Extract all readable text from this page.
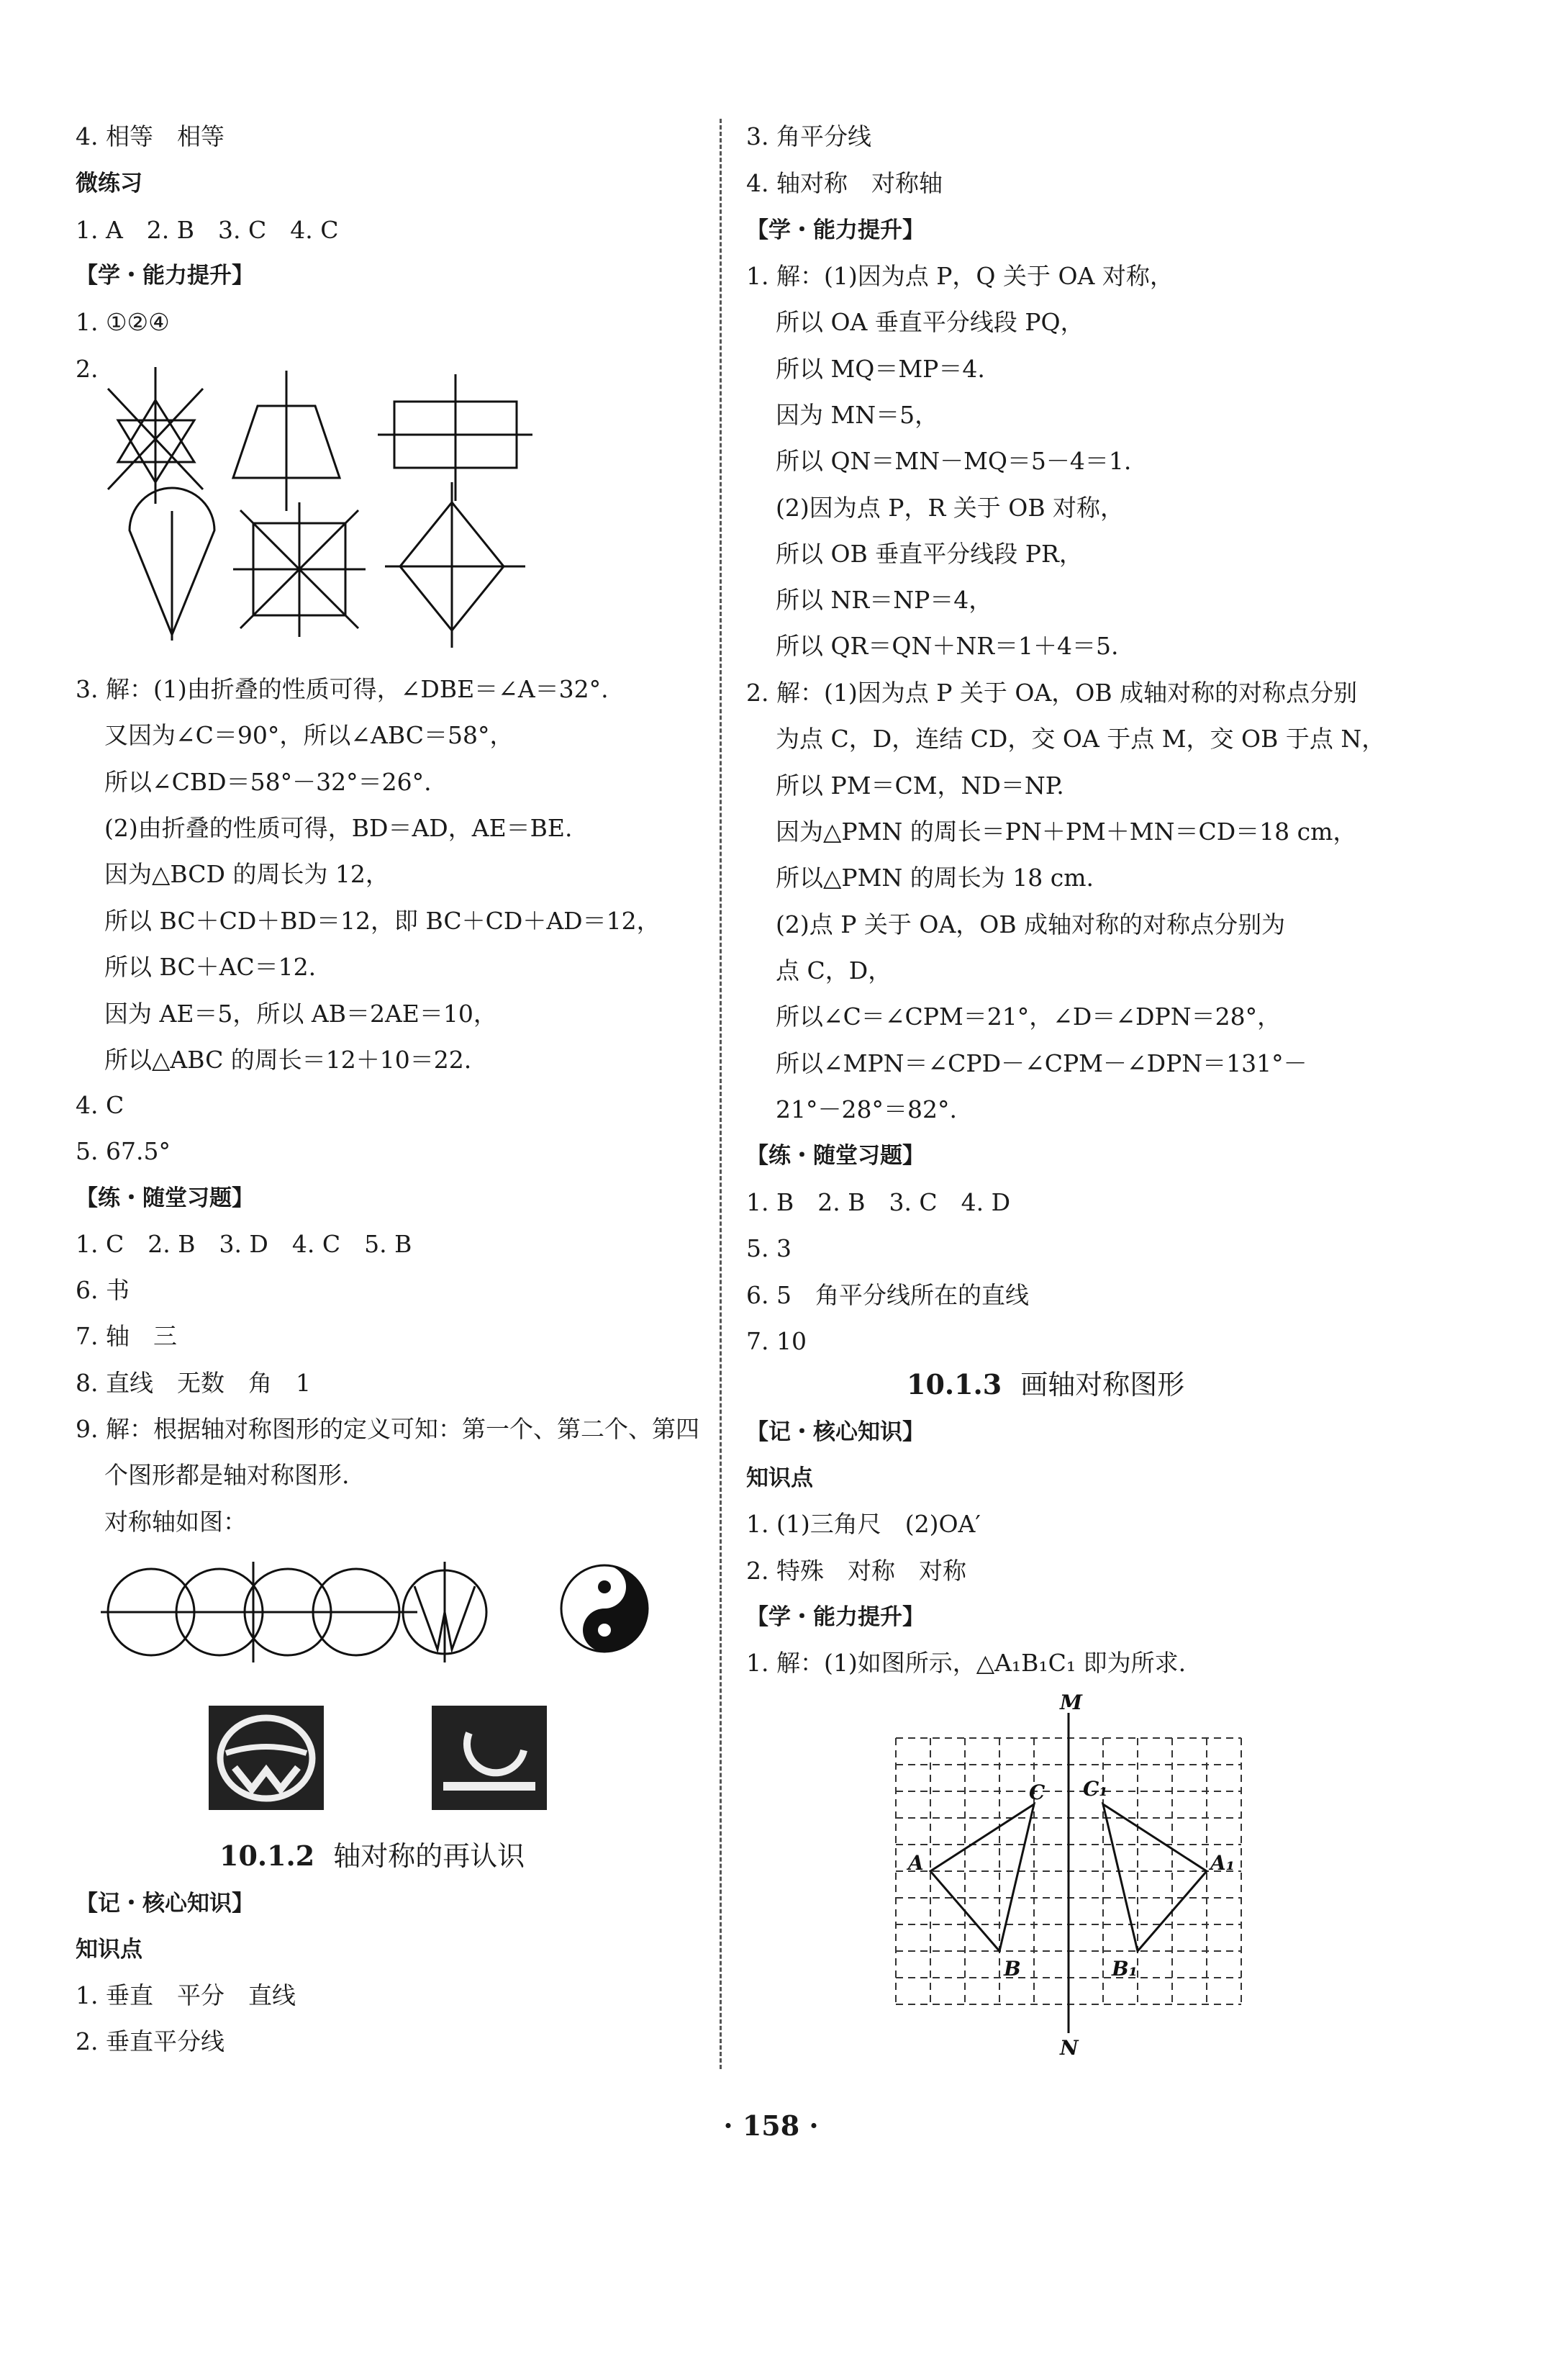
4. 相等　相等
微练习
1. A　2. B　3. C　4. C
【学・能力提升】
1. ①②④
2.
3. 解：(1)由折叠的性质可得，∠DBE＝∠A＝32°.
又因为∠C＝90°，所以∠ABC＝58°，
所以∠CBD＝58°－32°＝26°.
(2)由折叠的性质可得，BD＝AD，AE＝BE.
因为△BCD 的周长为 12，
所以 BC＋CD＋BD＝12，即 BC＋CD＋AD＝12，
所以 BC＋AC＝12.
因为 AE＝5，所以 AB＝2AE＝10，
所以△ABC 的周长＝12＋10＝22.
4. C
5. 67.5°
【练・随堂习题】
1. C　2. B　3. D　4. C　5. B
6. 书
7. 轴　三
8. 直线　无数　角　1
9. 解：根据轴对称图形的定义可知：第一个、第二个、第四
个图形都是轴对称图形.
对称轴如图：
10.1.2 轴对称的再认识
【记・核心知识】
知识点
1. 垂直　平分　直线
2. 垂直平分线
3. 角平分线
4. 轴对称　对称轴
【学・能力提升】
1. 解：(1)因为点 P，Q 关于 OA 对称，
所以 OA 垂直平分线段 PQ，
所以 MQ＝MP＝4.
因为 MN＝5，
所以 QN＝MN－MQ＝5－4＝1.
(2)因为点 P，R 关于 OB 对称，
所以 OB 垂直平分线段 PR，
所以 NR＝NP＝4，
所以 QR＝QN＋NR＝1＋4＝5.
2. 解：(1)因为点 P 关于 OA，OB 成轴对称的对称点分别
为点 C，D，连结 CD，交 OA 于点 M，交 OB 于点 N，
所以 PM＝CM，ND＝NP.
因为△PMN 的周长＝PN＋PM＋MN＝CD＝18 cm，
所以△PMN 的周长为 18 cm.
(2)点 P 关于 OA，OB 成轴对称的对称点分别为
点 C，D，
所以∠C＝∠CPM＝21°，∠D＝∠DPN＝28°，
所以∠MPN＝∠CPD－∠CPM－∠DPN＝131°－
21°－28°＝82°.
【练・随堂习题】
1. B　2. B　3. C　4. D
5. 3
6. 5　角平分线所在的直线
7. 10
10.1.3 画轴对称图形
【记・核心知识】
知识点
1. (1)三角尺　(2)OA′
2. 特殊　对称　对称
【学・能力提升】
1. 解：(1)如图所示，△A₁B₁C₁ 即为所求.
M
N
A
B
C
A₁
B₁
C₁
· 158 ·
